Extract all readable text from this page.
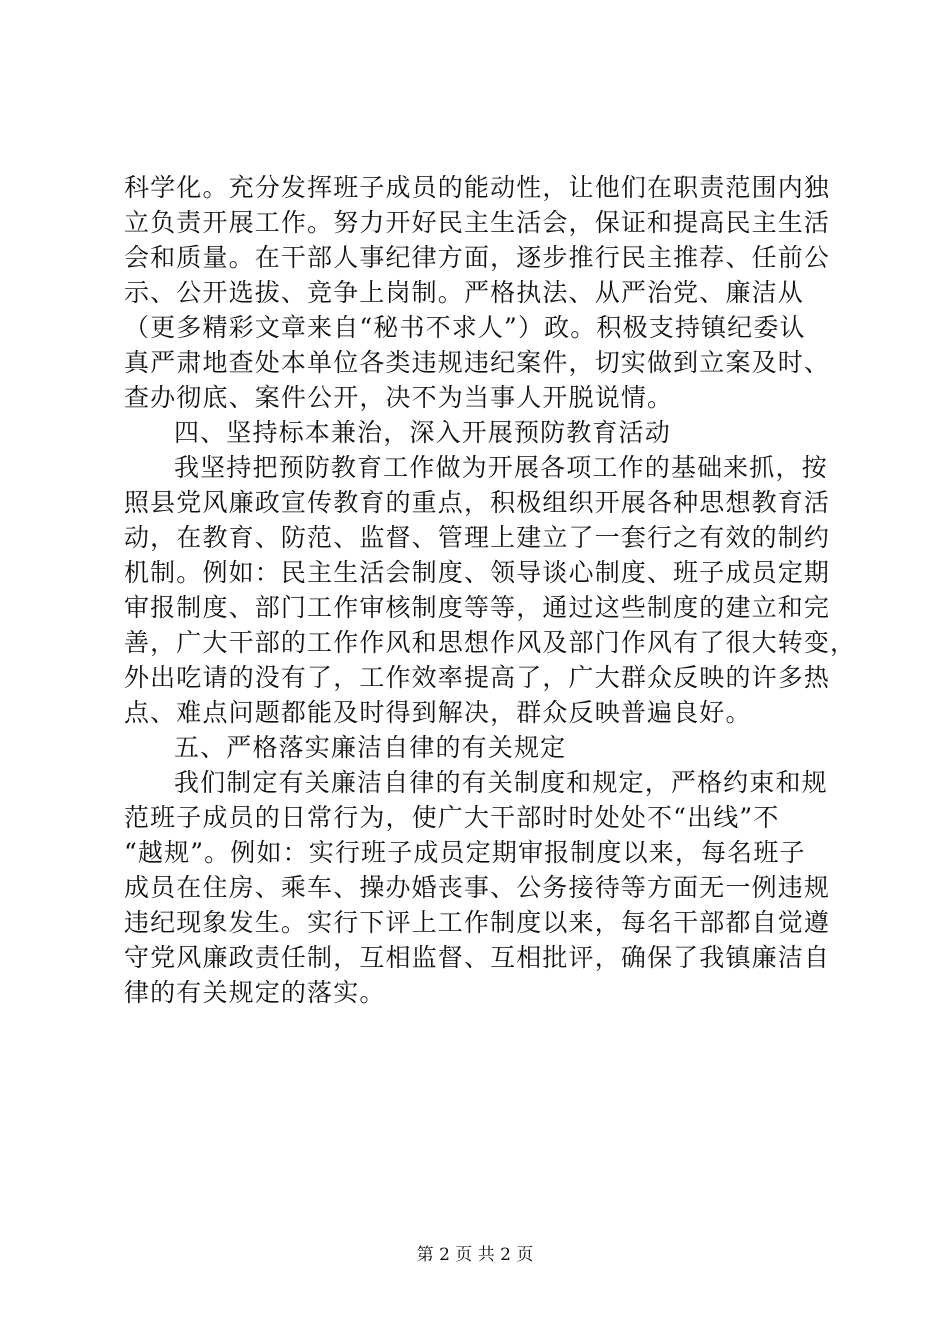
科学化。充分发挥班子成员的能动性，让他们在职责范围内独
立负责开展工作。努力开好民主生活会，保证和提高民主生活
会和质量。在干部人事纪律方面，逐步推行民主推荐、任前公
示、公开选拔、竞争上岗制。严格执法、从严治党、廉洁从
（更多精彩文章来自“秘书不求人”）政。积极支持镇纪委认
真严肃地查处本单位各类违规违纪案件，切实做到立案及时、
查办彻底、案件公开，决不为当事人开脱说情。
四、坚持标本兼治，深入开展预防教育活动
我坚持把预防教育工作做为开展各项工作的基础来抓，按
照县党风廉政宣传教育的重点，积极组织开展各种思想教育活
动，在教育、防范、监督、管理上建立了一套行之有效的制约
机制。例如：民主生活会制度、领导谈心制度、班子成员定期
审报制度、部门工作审核制度等等，通过这些制度的建立和完
善，广大干部的工作作风和思想作风及部门作风有了很大转变，
外出吃请的没有了，工作效率提高了，广大群众反映的许多热
点、难点问题都能及时得到解决，群众反映普遍良好。
五、严格落实廉洁自律的有关规定
我们制定有关廉洁自律的有关制度和规定，严格约束和规
范班子成员的日常行为，使广大干部时时处处不“出线”不
“越规”。例如：实行班子成员定期审报制度以来，每名班子
成员在住房、乘车、操办婚丧事、公务接待等方面无一例违规
违纪现象发生。实行下评上工作制度以来，每名干部都自觉遵
守党风廉政责任制，互相监督、互相批评，确保了我镇廉洁自
律的有关规定的落实。
第 2 页 共 2 页
